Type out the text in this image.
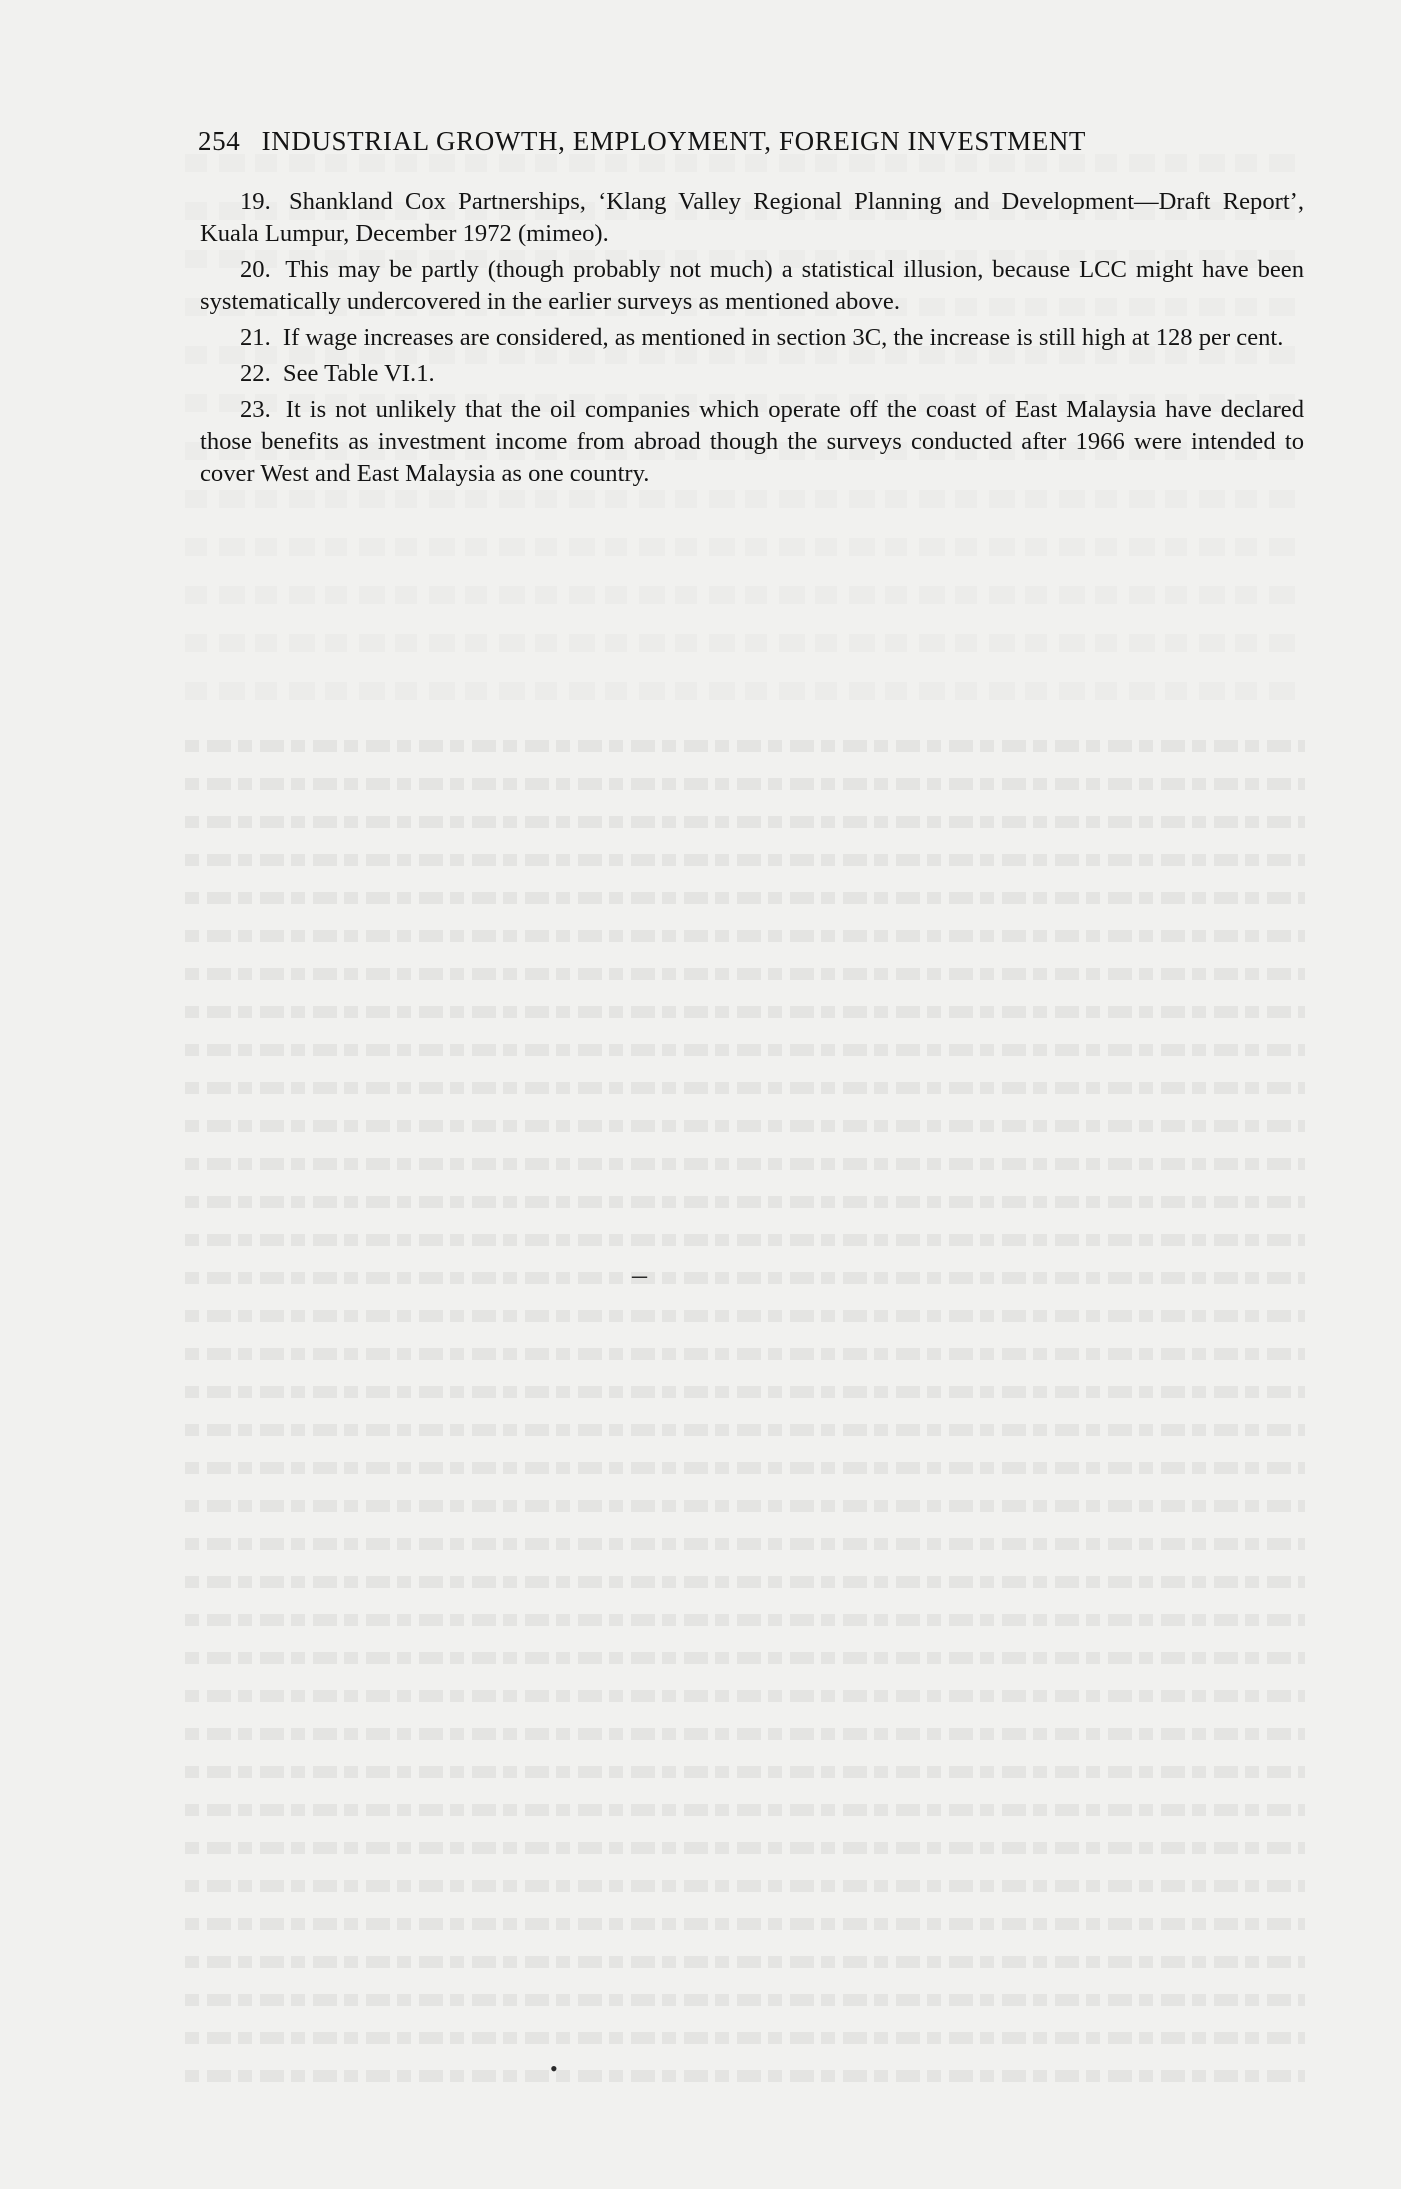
254 INDUSTRIAL GROWTH, EMPLOYMENT, FOREIGN INVESTMENT

19. Shankland Cox Partnerships, ‘Klang Valley Regional Planning and Development—Draft Report’, Kuala Lumpur, December 1972 (mimeo).

20. This may be partly (though probably not much) a statistical illusion, because LCC might have been systematically undercovered in the earlier surveys as mentioned above.

21. If wage increases are considered, as mentioned in section 3C, the increase is still high at 128 per cent.

22. See Table VI.1.

23. It is not unlikely that the oil companies which operate off the coast of East Malaysia have declared those benefits as investment income from abroad though the surveys conducted after 1966 were intended to cover West and East Malaysia as one country.

–
•
